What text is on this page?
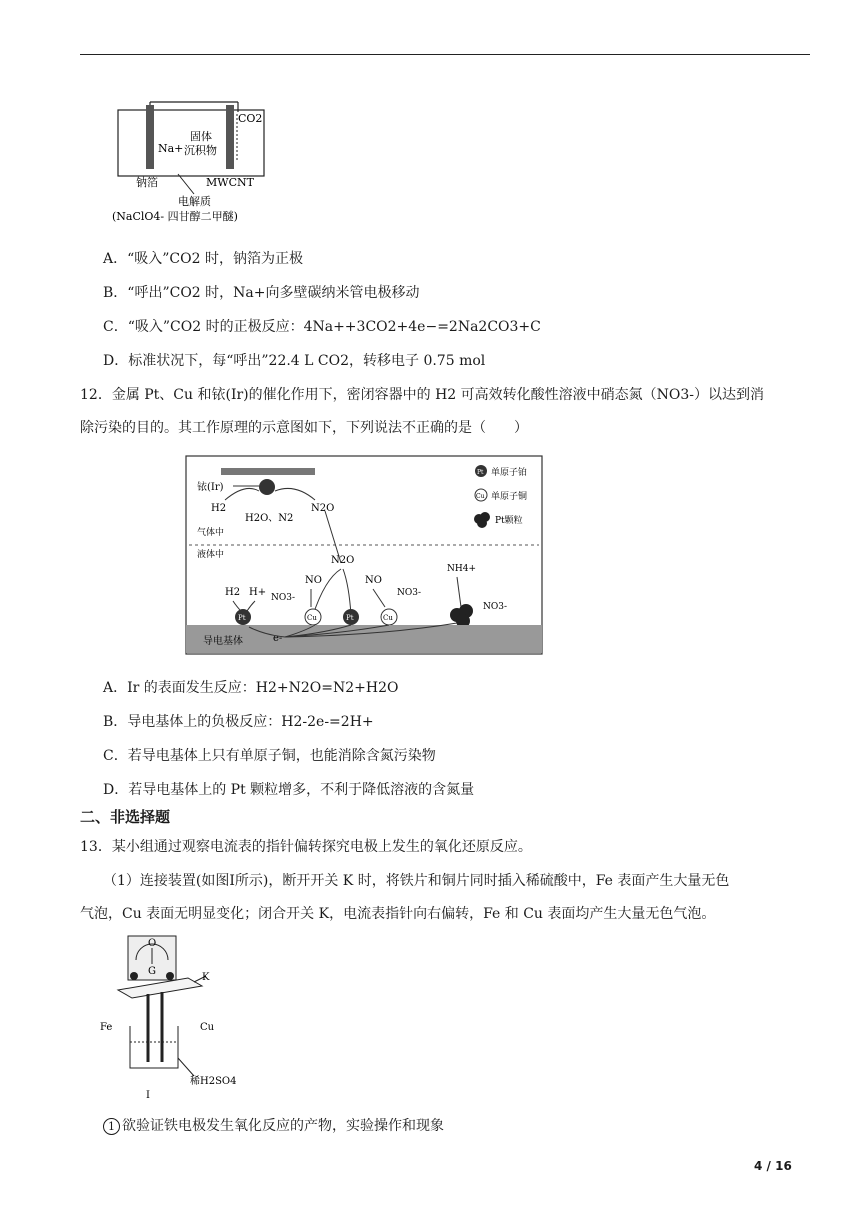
CO2
Na+
固体
沉积物
钠箔	MWCNT
电解质
(NaClO4- 四甘醇二甲醚)
A．“吸入”CO2 时，钠箔为正极
B．“呼出”CO2 时，Na+向多壁碳纳米管电极移动
C．“吸入”CO2 时的正极反应：4Na++3CO2+4e−=2Na2CO3+C
D．标准状况下，每“呼出”22.4 L CO2，转移电子 0.75 mol
12．金属 Pt、Cu 和铱(Ir)的催化作用下，密闭容器中的 H2 可高效转化酸性溶液中硝态氮（NO3-）以达到消
除污染的目的。其工作原理的示意图如下，下列说法不正确的是（　　）
铱(Ir)
H2
H2O、N2
N2O
Pt 单原子铂
Cu 单原子铜
Pt颗粒
气体中
液体中	N2O
H2 H+
Pt
NO3-
NO
Cu	Pt
NO
Cu
NO3-
NH4+
NO3-
导电基体	e-
A．Ir 的表面发生反应：H2+N2O=N2+H2O
B．导电基体上的负极反应：H2-2e-=2H+
C．若导电基体上只有单原子铜，也能消除含氮污染物
D．若导电基体上的 Pt 颗粒增多，不利于降低溶液的含氮量
二、非选择题
13．某小组通过观察电流表的指针偏转探究电极上发生的氧化还原反应。
（1）连接装置(如图Ⅰ所示)，断开开关 K 时，将铁片和铜片同时插入稀硫酸中，Fe 表面产生大量无色
气泡，Cu 表面无明显变化；闭合开关 K，电流表指针向右偏转，Fe 和 Cu 表面均产生大量无色气泡。
O
G
K
Fe	Cu
稀H2SO4
I
1 欲验证铁电极发生氧化反应的产物，实验操作和现象
4 / 16
